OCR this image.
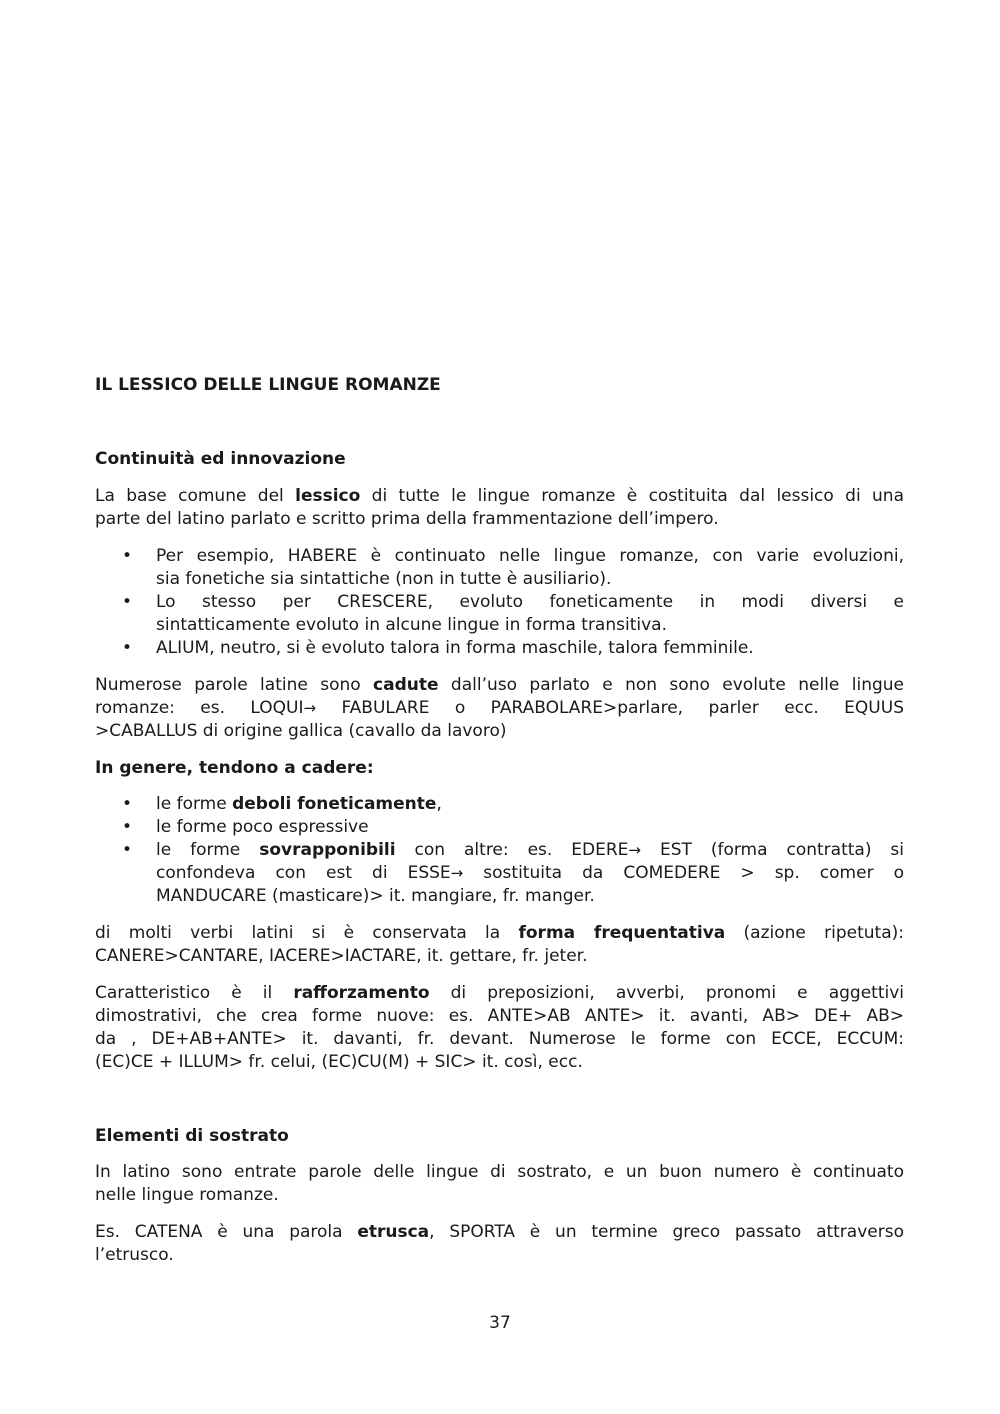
IL LESSICO DELLE LINGUE ROMANZE
Continuità ed innovazione
La base comune del lessico di tutte le lingue romanze è costituita dal lessico di una
parte del latino parlato e scritto prima della frammentazione dell’impero.
• Per esempio, HABERE è continuato nelle lingue romanze, con varie evoluzioni,
sia fonetiche sia sintattiche (non in tutte è ausiliario).
• Lo stesso per CRESCERE, evoluto foneticamente in modi diversi e
sintatticamente evoluto in alcune lingue in forma transitiva.
• ALIUM, neutro, si è evoluto talora in forma maschile, talora femminile.
Numerose parole latine sono cadute dall’uso parlato e non sono evolute nelle lingue
romanze: es. LOQUI→ FABULARE o PARABOLARE>parlare, parler ecc. EQUUS
>CABALLUS di origine gallica (cavallo da lavoro)
In genere, tendono a cadere:
• le forme deboli foneticamente,
• le forme poco espressive
• le forme sovrapponibili con altre: es. EDERE→ EST (forma contratta) si
confondeva con est di ESSE→ sostituita da COMEDERE > sp. comer o
MANDUCARE (masticare)> it. mangiare, fr. manger.
di molti verbi latini si è conservata la forma frequentativa (azione ripetuta):
CANERE>CANTARE, IACERE>IACTARE, it. gettare, fr. jeter.
Caratteristico è il rafforzamento di preposizioni, avverbi, pronomi e aggettivi
dimostrativi, che crea forme nuove: es. ANTE>AB ANTE> it. avanti, AB> DE+ AB>
da , DE+AB+ANTE> it. davanti, fr. devant. Numerose le forme con ECCE, ECCUM:
(EC)CE + ILLUM> fr. celui, (EC)CU(M) + SIC> it. così, ecc.
Elementi di sostrato
In latino sono entrate parole delle lingue di sostrato, e un buon numero è continuato
nelle lingue romanze.
Es. CATENA è una parola etrusca, SPORTA è un termine greco passato attraverso
l’etrusco.
37
